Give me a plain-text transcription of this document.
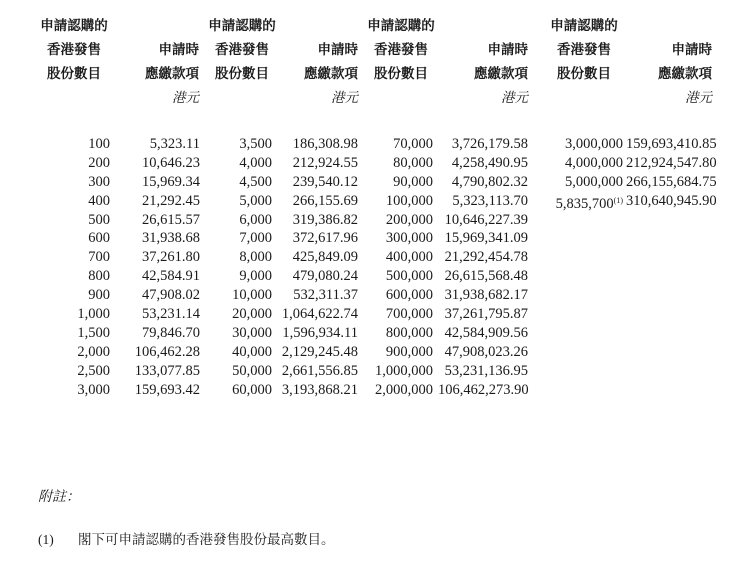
申請認購的
香港發售
股份數目

申請時
應繳款項
港元
申請認購的
香港發售
股份數目

申請時
應繳款項
港元
申請認購的
香港發售
股份數目

申請時
應繳款項
港元
申請認購的
香港發售
股份數目

申請時
應繳款項
港元
100
200
300
400
500
600
700
800
900
1,000
1,500
2,000
2,500
3,000
5,323.11
10,646.23
15,969.34
21,292.45
26,615.57
31,938.68
37,261.80
42,584.91
47,908.02
53,231.14
79,846.70
106,462.28
133,077.85
159,693.42
3,500
4,000
4,500
5,000
6,000
7,000
8,000
9,000
10,000
20,000
30,000
40,000
50,000
60,000
186,308.98
212,924.55
239,540.12
266,155.69
319,386.82
372,617.96
425,849.09
479,080.24
532,311.37
1,064,622.74
1,596,934.11
2,129,245.48
2,661,556.85
3,193,868.21
70,000
80,000
90,000
100,000
200,000
300,000
400,000
500,000
600,000
700,000
800,000
900,000
1,000,000
2,000,000
3,726,179.58
4,258,490.95
4,790,802.32
5,323,113.70
10,646,227.39
15,969,341.09
21,292,454.78
26,615,568.48
31,938,682.17
37,261,795.87
42,584,909.56
47,908,023.26
53,231,136.95
106,462,273.90
3,000,000
4,000,000
5,000,000
5,835,700$^{(1)}$
159,693,410.85
212,924,547.80
266,155,684.75
310,640,945.90
附註：
(1) 閣下可申請認購的香港發售股份最高數目。
